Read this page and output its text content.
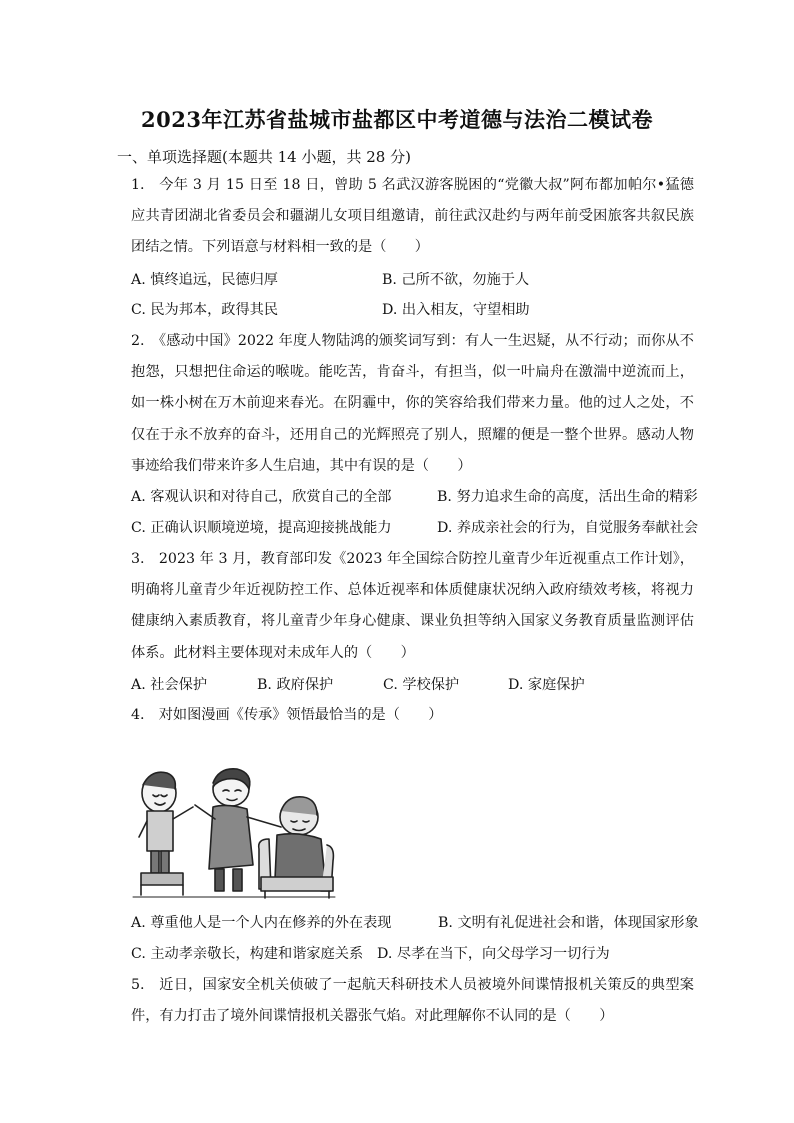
2023年江苏省盐城市盐都区中考道德与法治二模试卷
一、单项选择题(本题共 14 小题，共 28 分)
1.　今年 3 月 15 日至 18 日，曾助 5 名武汉游客脱困的“党徽大叔”阿布都加帕尔•猛德应共青团湖北省委员会和疆湖儿女项目组邀请，前往武汉赴约与两年前受困旅客共叙民族团结之情。下列语意与材料相一致的是（　　）
A. 慎终追远，民德归厚	B. 己所不欲，勿施于人
C. 民为邦本，政得其民	D. 出入相友，守望相助
2.　《感动中国》2022 年度人物陆鸿的颁奖词写到：有人一生迟疑，从不行动；而你从不抱怨，只想把住命运的喉咙。能吃苦，肯奋斗，有担当，似一叶扁舟在激湍中逆流而上，如一株小树在万木前迎来春光。在阴霾中，你的笑容给我们带来力量。他的过人之处，不仅在于永不放弃的奋斗，还用自己的光辉照亮了别人，照耀的便是一整个世界。感动人物事迹给我们带来许多人生启迪，其中有误的是（　　）
A. 客观认识和对待自己，欣赏自己的全部	B. 努力追求生命的高度，活出生命的精彩
C. 正确认识顺境逆境，提高迎接挑战能力	D. 养成亲社会的行为，自觉服务奉献社会
3.　2023 年 3 月，教育部印发《2023 年全国综合防控儿童青少年近视重点工作计划》，明确将儿童青少年近视防控工作、总体近视率和体质健康状况纳入政府绩效考核，将视力健康纳入素质教育，将儿童青少年身心健康、课业负担等纳入国家义务教育质量监测评估体系。此材料主要体现对未成年人的（　　）
A. 社会保护	B. 政府保护	C. 学校保护	D. 家庭保护
4.　对如图漫画《传承》领悟最恰当的是（　　）
A. 尊重他人是一个人内在修养的外在表现	B. 文明有礼促进社会和谐，体现国家形象
C. 主动孝亲敬长，构建和谐家庭关系 D. 尽孝在当下，向父母学习一切行为
5.　近日，国家安全机关侦破了一起航天科研技术人员被境外间谍情报机关策反的典型案件，有力打击了境外间谍情报机关嚣张气焰。对此理解你不认同的是（　　）
